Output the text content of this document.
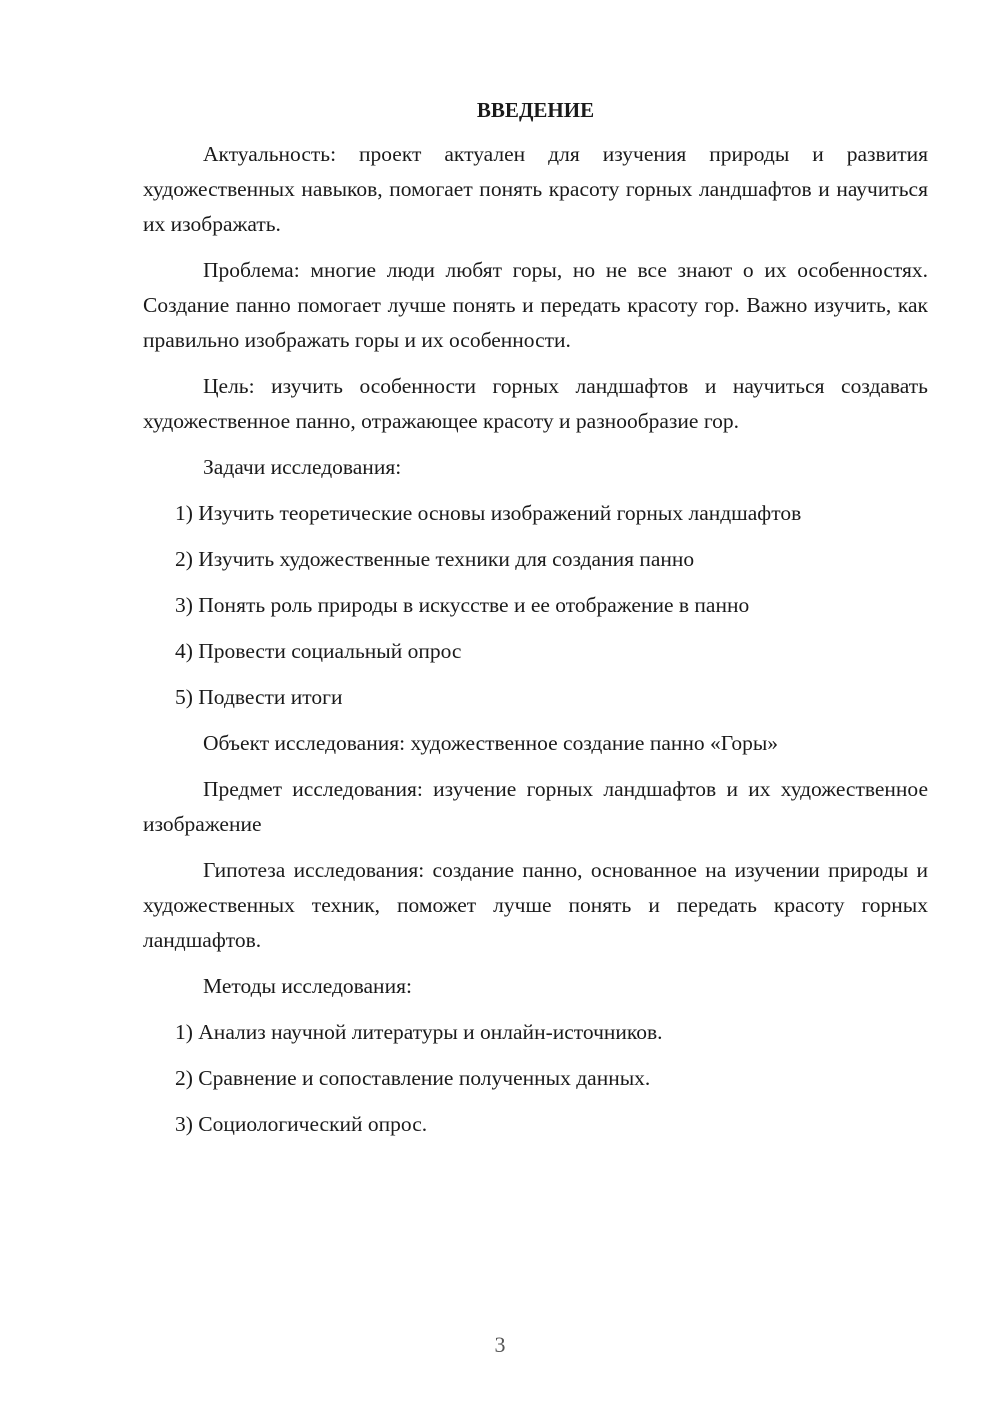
ВВЕДЕНИЕ

Актуальность: проект актуален для изучения природы и развития художественных навыков, помогает понять красоту горных ландшафтов и научиться их изображать.

Проблема: многие люди любят горы, но не все знают о их особенностях. Создание панно помогает лучше понять и передать красоту гор. Важно изучить, как правильно изображать горы и их особенности.

Цель: изучить особенности горных ландшафтов и научиться создавать художественное панно, отражающее красоту и разнообразие гор.

Задачи исследования:

1) Изучить теоретические основы изображений горных ландшафтов

2) Изучить художественные техники для создания панно

3) Понять роль природы в искусстве и ее отображение в панно

4) Провести социальный опрос

5) Подвести итоги

Объект исследования: художественное создание панно «Горы»

Предмет исследования: изучение горных ландшафтов и их художественное изображение

Гипотеза исследования: создание панно, основанное на изучении природы и художественных техник, поможет лучше понять и передать красоту горных ландшафтов.

Методы исследования:

1) Анализ научной литературы и онлайн-источников.

2) Сравнение и сопоставление полученных данных.

3) Социологический опрос.

3
